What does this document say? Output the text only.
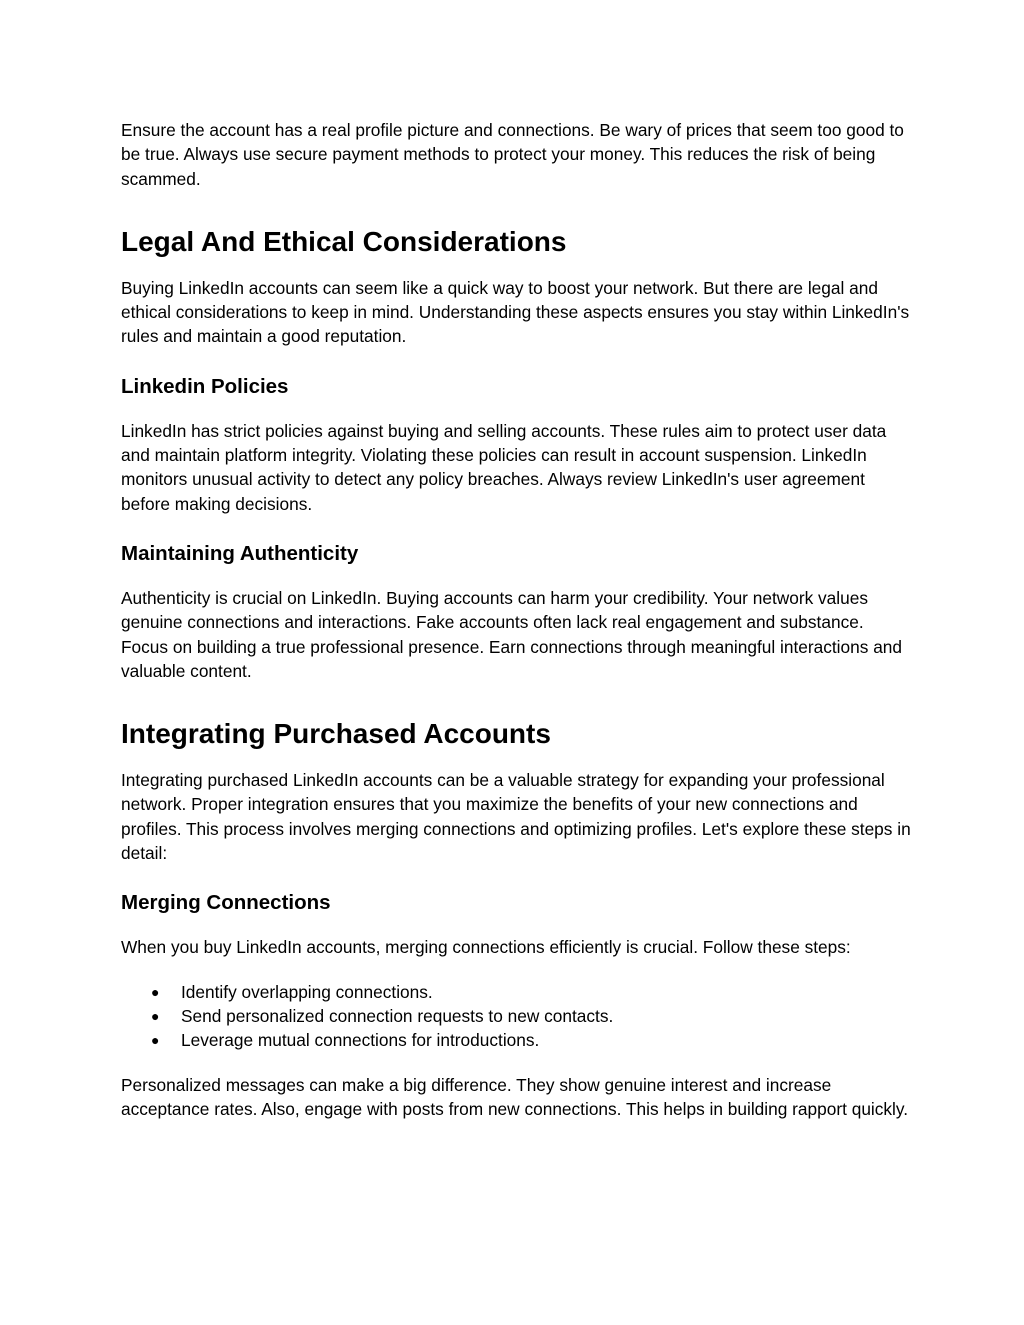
Ensure the account has a real profile picture and connections. Be wary of prices that seem too good to be true. Always use secure payment methods to protect your money. This reduces the risk of being scammed.

Legal And Ethical Considerations

Buying LinkedIn accounts can seem like a quick way to boost your network. But there are legal and ethical considerations to keep in mind. Understanding these aspects ensures you stay within LinkedIn's rules and maintain a good reputation.

Linkedin Policies

LinkedIn has strict policies against buying and selling accounts. These rules aim to protect user data and maintain platform integrity. Violating these policies can result in account suspension. LinkedIn monitors unusual activity to detect any policy breaches. Always review LinkedIn's user agreement before making decisions.

Maintaining Authenticity

Authenticity is crucial on LinkedIn. Buying accounts can harm your credibility. Your network values genuine connections and interactions. Fake accounts often lack real engagement and substance. Focus on building a true professional presence. Earn connections through meaningful interactions and valuable content.

Integrating Purchased Accounts

Integrating purchased LinkedIn accounts can be a valuable strategy for expanding your professional network. Proper integration ensures that you maximize the benefits of your new connections and profiles. This process involves merging connections and optimizing profiles. Let's explore these steps in detail:

Merging Connections

When you buy LinkedIn accounts, merging connections efficiently is crucial. Follow these steps:

● Identify overlapping connections.
● Send personalized connection requests to new contacts.
● Leverage mutual connections for introductions.

Personalized messages can make a big difference. They show genuine interest and increase acceptance rates. Also, engage with posts from new connections. This helps in building rapport quickly.
